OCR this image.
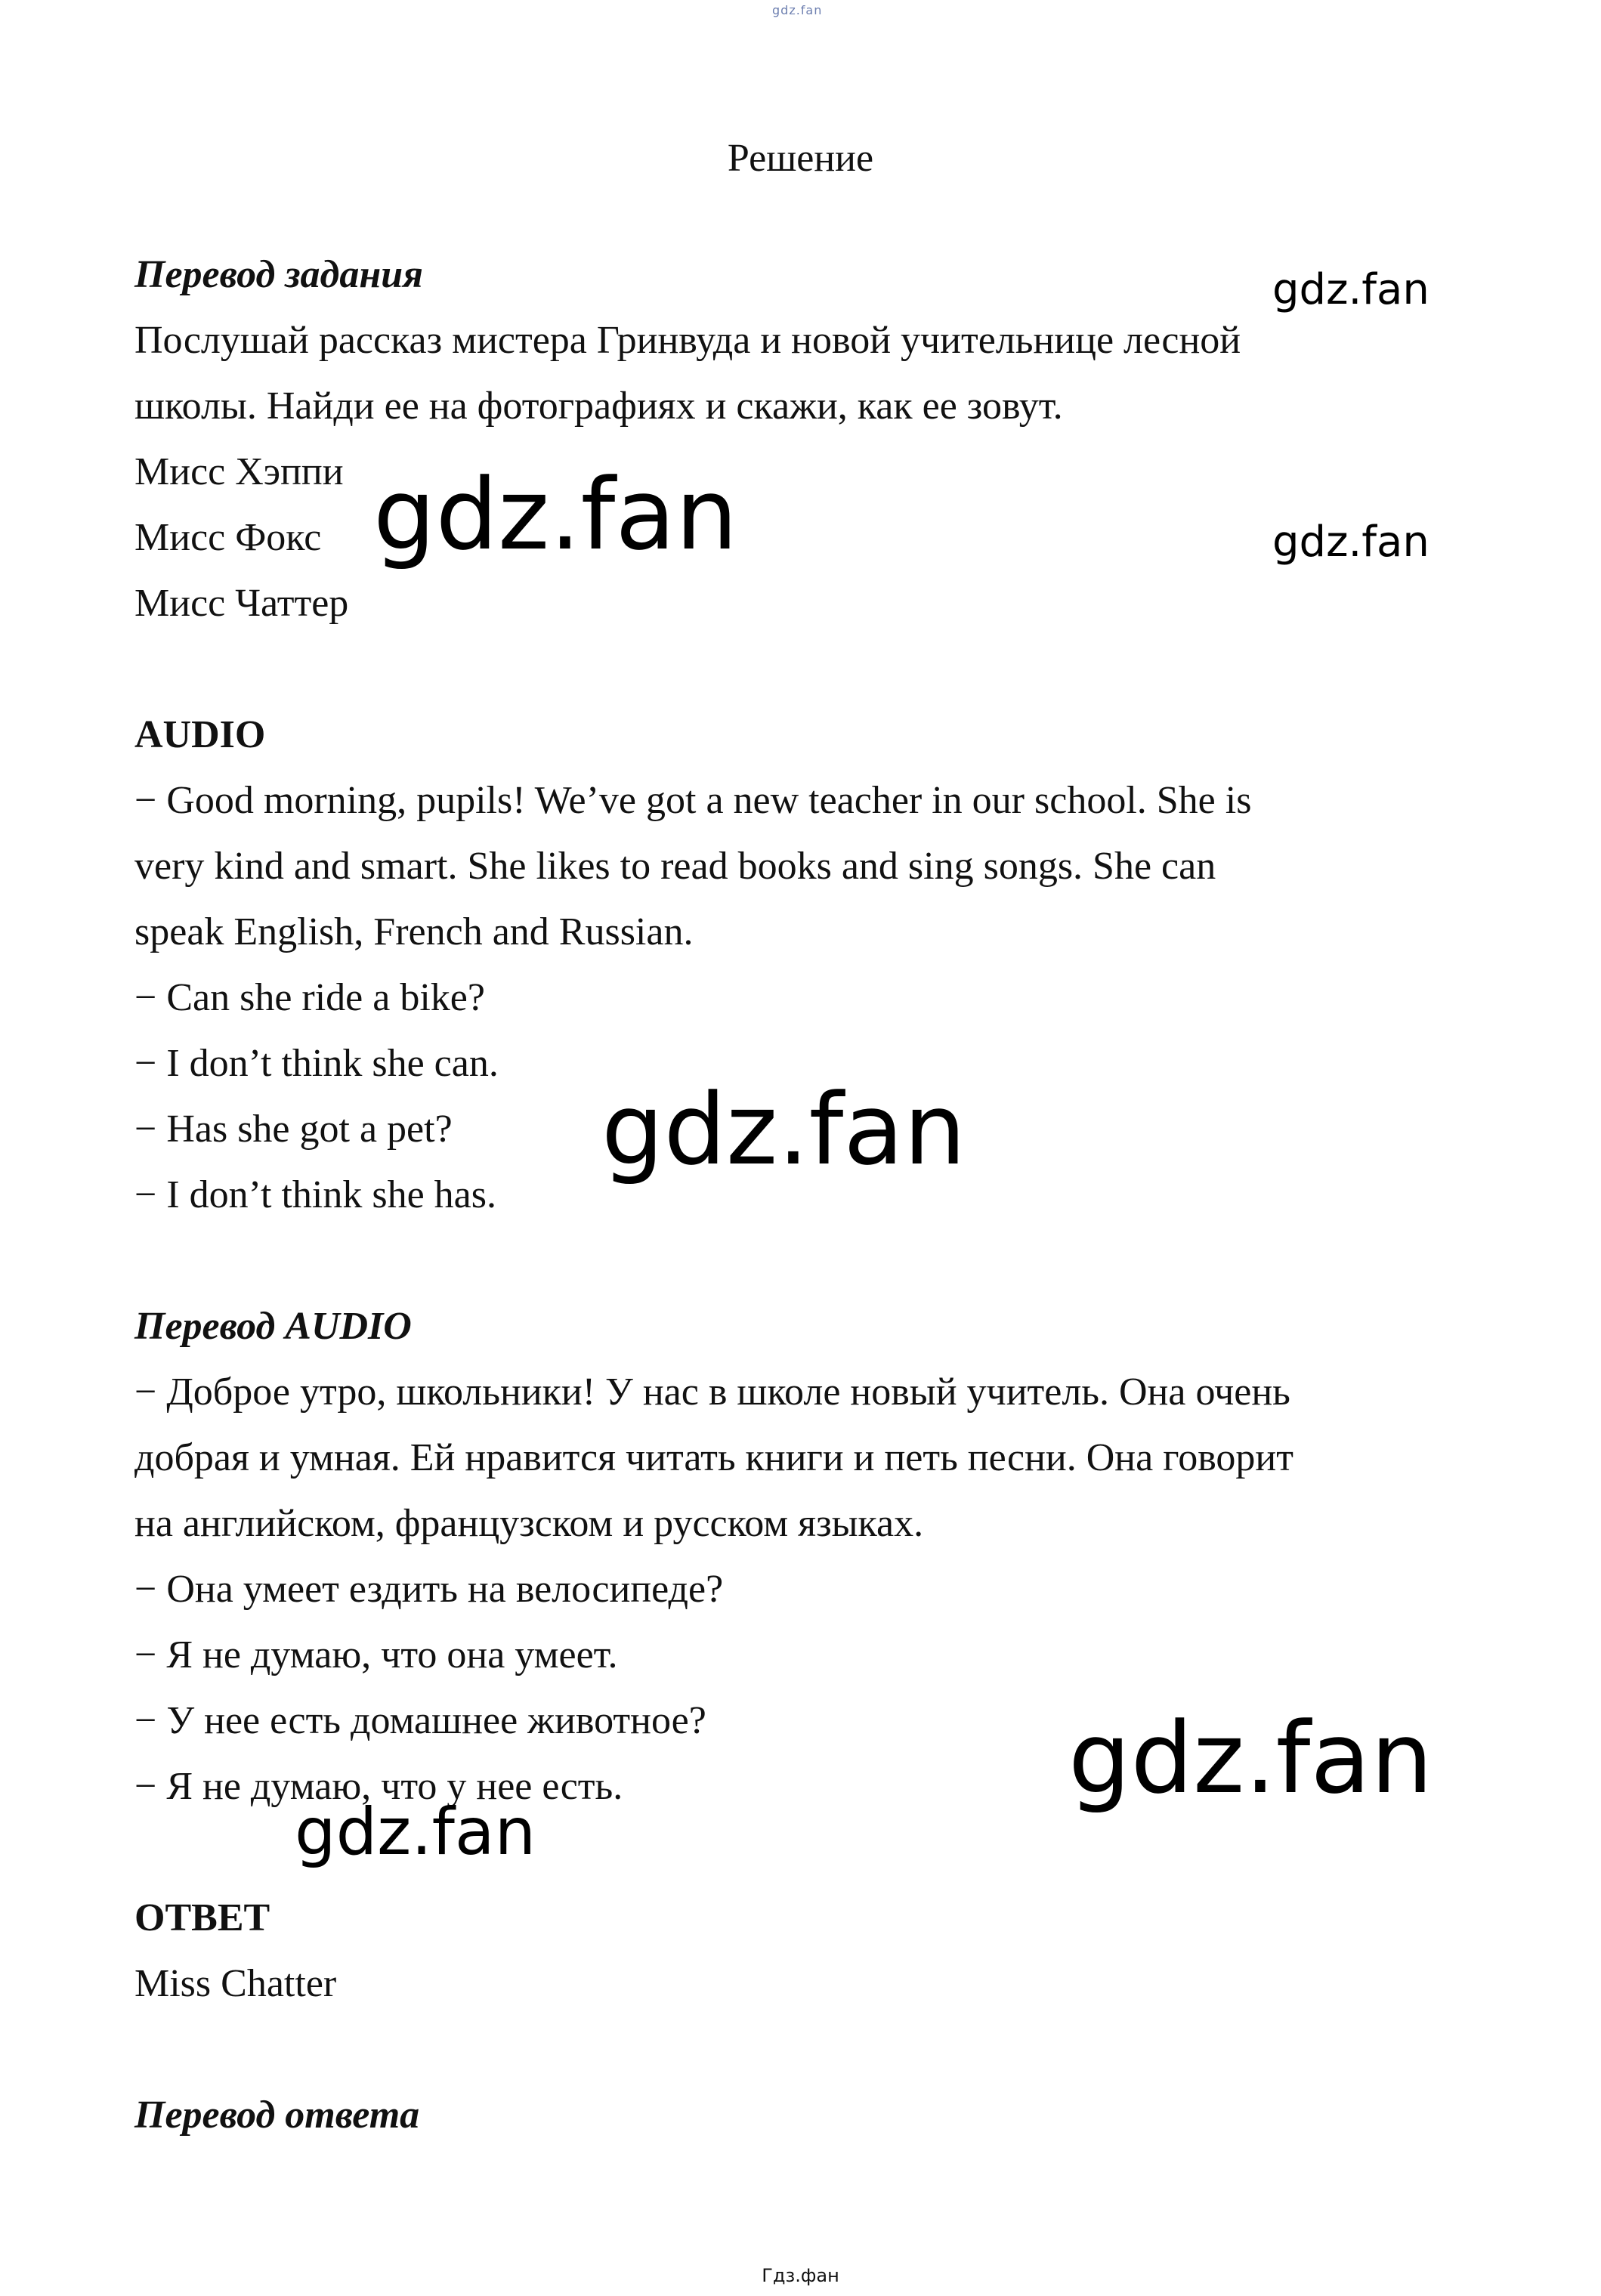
gdz.fan
Решение

Перевод задания

Послушай рассказ мистера Гринвуда и новой учительнице лесной

школы. Найди ее на фотографиях и скажи, как ее зовут.

Мисс Хэппи

Мисс Фокс

Мисс Чаттер

AUDIO

− Good morning, pupils! We’ve got a new teacher in our school. She is

very kind and smart. She likes to read books and sing songs. She can

speak English, French and Russian.

− Can she ride a bike?

− I don’t think she can.

− Has she got a pet?

− I don’t think she has.

Перевод AUDIO

− Доброе утро, школьники! У нас в школе новый учитель. Она очень

добрая и умная. Ей нравится читать книги и петь песни. Она говорит

на английском, французском и русском языках.

− Она умеет ездить на велосипеде?

− Я не думаю, что она умеет.

− У нее есть домашнее животное?

− Я не думаю, что у нее есть.

ОТВЕТ

Miss Chatter

Перевод ответа

gdz.fan
gdz.fan	gdz.fan
gdz.fan
gdz.fan
gdz.fan
Гдз.фан
